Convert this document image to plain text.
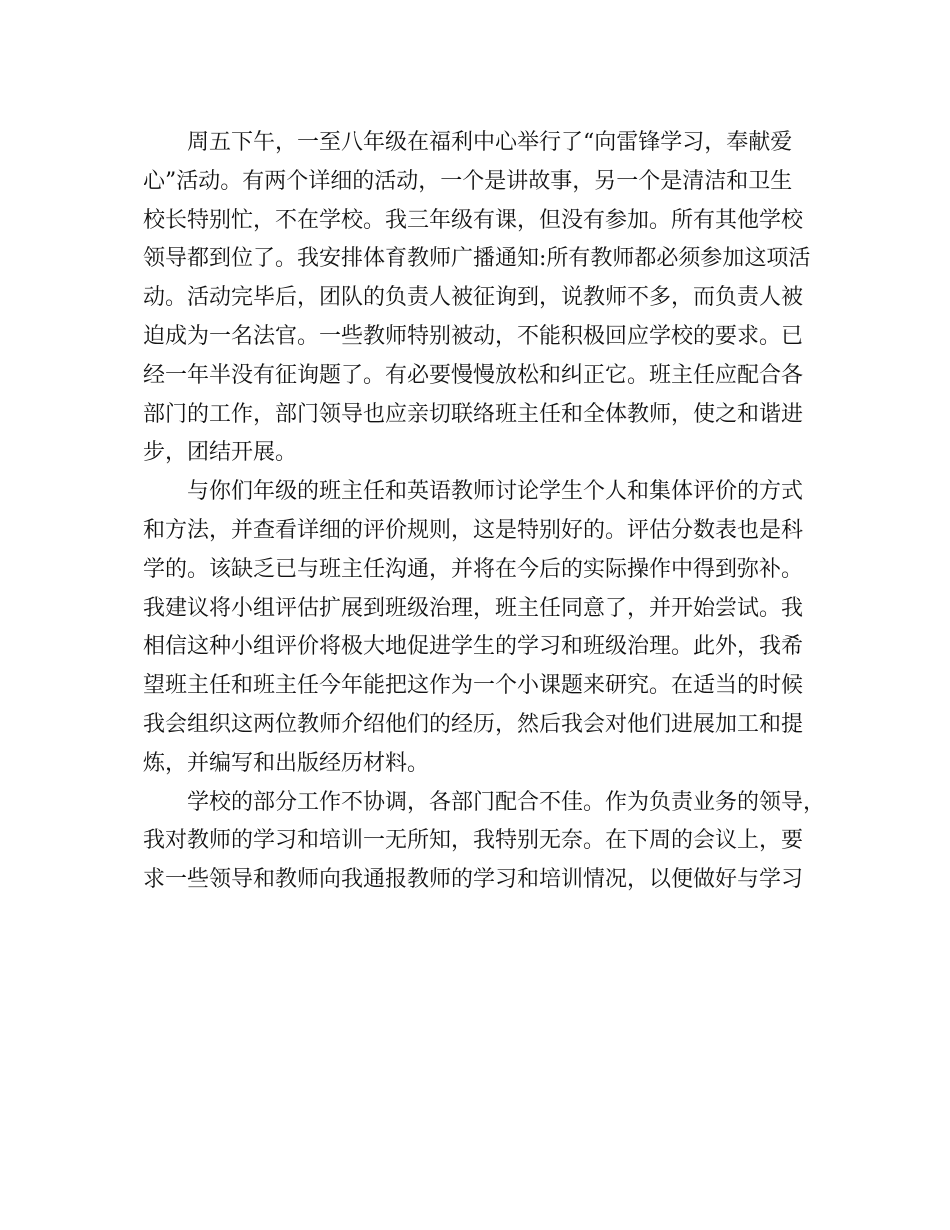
周五下午，一至八年级在福利中心举行了“向雷锋学习，奉献爱
心”活动。有两个详细的活动，一个是讲故事，另一个是清洁和卫生
校长特别忙，不在学校。我三年级有课，但没有参加。所有其他学校
领导都到位了。我安排体育教师广播通知:所有教师都必须参加这项活
动。活动完毕后，团队的负责人被征询到，说教师不多，而负责人被
迫成为一名法官。一些教师特别被动，不能积极回应学校的要求。已
经一年半没有征询题了。有必要慢慢放松和纠正它。班主任应配合各
部门的工作，部门领导也应亲切联络班主任和全体教师，使之和谐进
步，团结开展。
与你们年级的班主任和英语教师讨论学生个人和集体评价的方式
和方法，并查看详细的评价规则，这是特别好的。评估分数表也是科
学的。该缺乏已与班主任沟通，并将在今后的实际操作中得到弥补。
我建议将小组评估扩展到班级治理，班主任同意了，并开始尝试。我
相信这种小组评价将极大地促进学生的学习和班级治理。此外，我希
望班主任和班主任今年能把这作为一个小课题来研究。在适当的时候
我会组织这两位教师介绍他们的经历，然后我会对他们进展加工和提
炼，并编写和出版经历材料。
学校的部分工作不协调，各部门配合不佳。作为负责业务的领导，
我对教师的学习和培训一无所知，我特别无奈。在下周的会议上，要
求一些领导和教师向我通报教师的学习和培训情况，以便做好与学习
